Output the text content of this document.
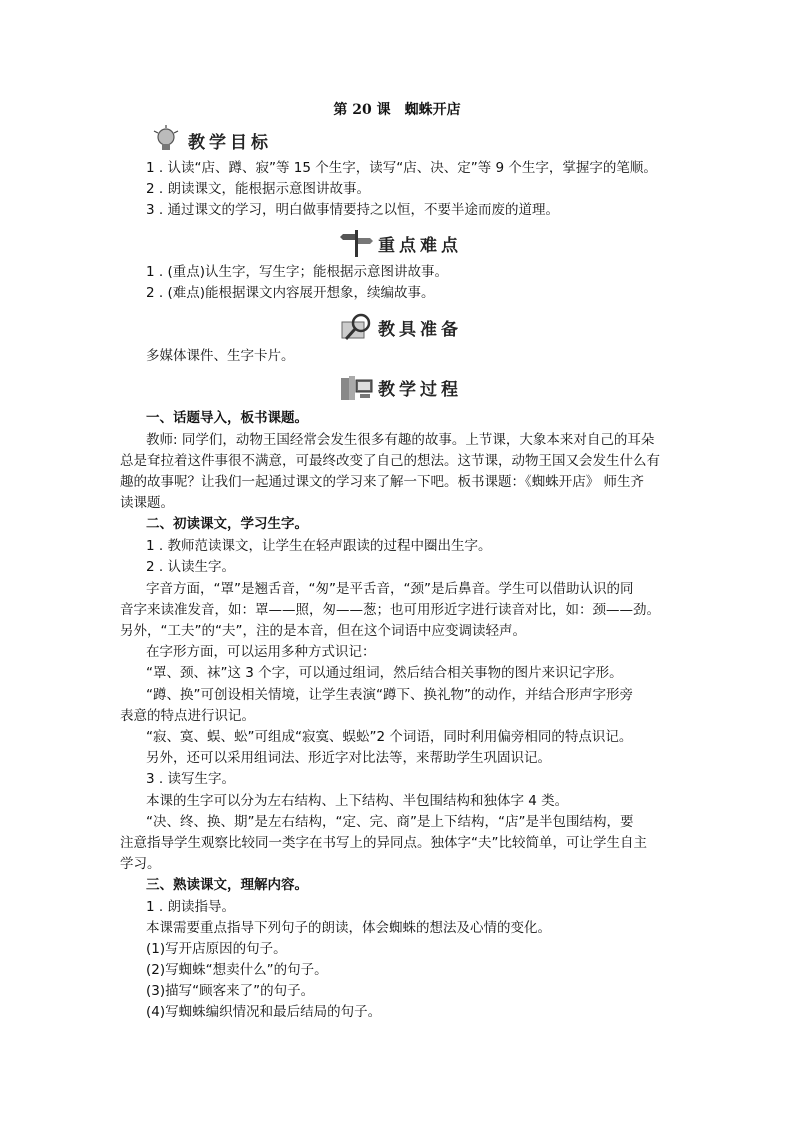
第 20 课　蜘蛛开店
教学目标
1 . 认读“店、蹲、寂”等 15 个生字，读写“店、决、定”等 9 个生字，掌握字的笔顺。
2 . 朗读课文，能根据示意图讲故事。
3 . 通过课文的学习，明白做事情要持之以恒，不要半途而废的道理。
重点难点
1 . (重点)认生字，写生字；能根据示意图讲故事。
2 . (难点)能根据课文内容展开想象，续编故事。
教具准备
多媒体课件、生字卡片。
教学过程
一、话题导入，板书课题。
教师: 同学们，动物王国经常会发生很多有趣的故事。上节课，大象本来对自己的耳朵
总是耷拉着这件事很不满意，可最终改变了自己的想法。这节课，动物王国又会发生什么有
趣的故事呢？让我们一起通过课文的学习来了解一下吧。板书课题：《蜘蛛开店》 师生齐
读课题。
二、初读课文，学习生字。
1 . 教师范读课文，让学生在轻声跟读的过程中圈出生字。
2 . 认读生字。
字音方面，“罩”是翘舌音，“匆”是平舌音，“颈”是后鼻音。学生可以借助认识的同
音字来读准发音，如：罩——照，匆——葱；也可用形近字进行读音对比，如：颈——劲。
另外，“工夫”的“夫”，注的是本音，但在这个词语中应变调读轻声。
在字形方面，可以运用多种方式识记：
“罩、颈、袜”这 3 个字，可以通过组词，然后结合相关事物的图片来识记字形。
“蹲、换”可创设相关情境，让学生表演“蹲下、换礼物”的动作，并结合形声字形旁
表意的特点进行识记。
“寂、寞、蜈、蚣”可组成“寂寞、蜈蚣”2 个词语，同时利用偏旁相同的特点识记。
另外，还可以采用组词法、形近字对比法等，来帮助学生巩固识记。
3 . 读写生字。
本课的生字可以分为左右结构、上下结构、半包围结构和独体字 4 类。
“决、终、换、期”是左右结构，“定、完、商”是上下结构，“店”是半包围结构，要
注意指导学生观察比较同一类字在书写上的异同点。独体字“夫”比较简单，可让学生自主
学习。
三、熟读课文，理解内容。
1 . 朗读指导。
本课需要重点指导下列句子的朗读，体会蜘蛛的想法及心情的变化。
(1)写开店原因的句子。
(2)写蜘蛛“想卖什么”的句子。
(3)描写“顾客来了”的句子。
(4)写蜘蛛编织情况和最后结局的句子。
